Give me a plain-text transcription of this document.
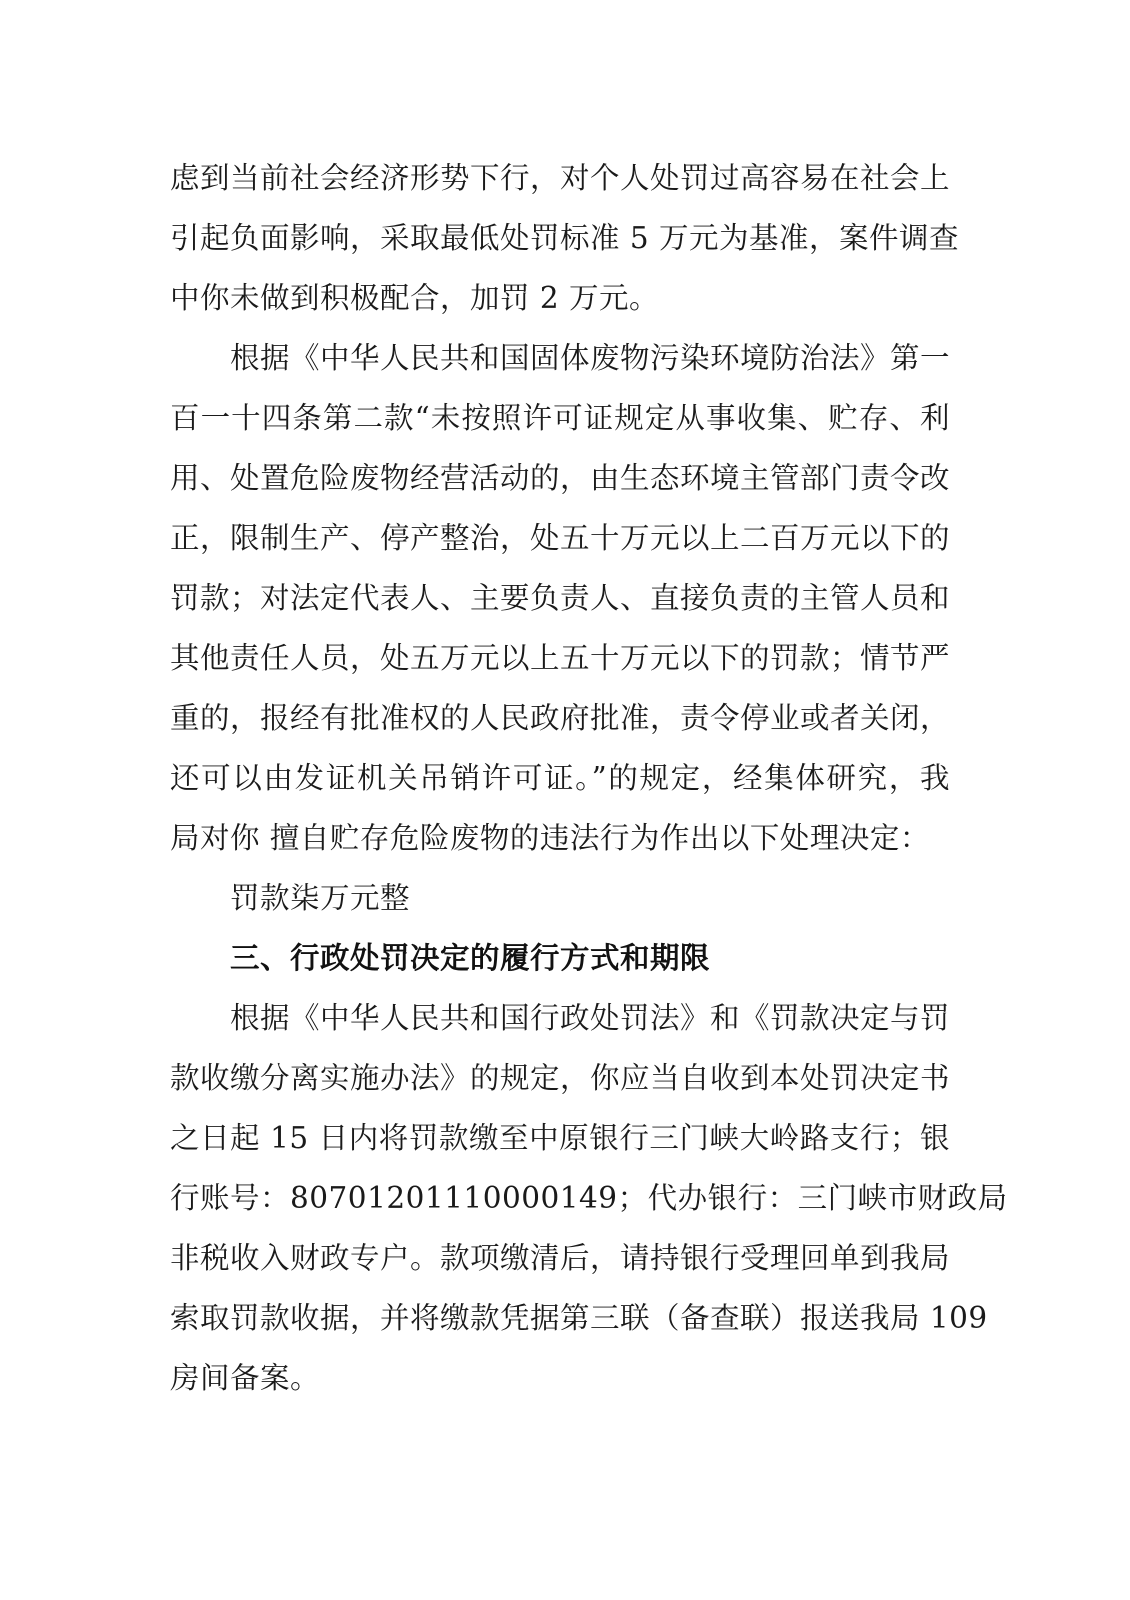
虑到当前社会经济形势下行，对个人处罚过高容易在社会上
引起负面影响，采取最低处罚标准 5 万元为基准，案件调查
中你未做到积极配合，加罚 2 万元。
根据《中华人民共和国固体废物污染环境防治法》第一
百一十四条第二款“未按照许可证规定从事收集、贮存、利
用、处置危险废物经营活动的，由生态环境主管部门责令改
正，限制生产、停产整治，处五十万元以上二百万元以下的
罚款；对法定代表人、主要负责人、直接负责的主管人员和
其他责任人员，处五万元以上五十万元以下的罚款；情节严
重的，报经有批准权的人民政府批准，责令停业或者关闭，
还可以由发证机关吊销许可证。”的规定，经集体研究，我
局对你 擅自贮存危险废物的违法行为作出以下处理决定：
罚款柒万元整
三、行政处罚决定的履行方式和期限
根据《中华人民共和国行政处罚法》和《罚款决定与罚
款收缴分离实施办法》的规定，你应当自收到本处罚决定书
之日起 15 日内将罚款缴至中原银行三门峡大岭路支行；银
行账号：80701201110000149；代办银行：三门峡市财政局
非税收入财政专户。款项缴清后，请持银行受理回单到我局
索取罚款收据，并将缴款凭据第三联（备查联）报送我局 109
房间备案。
